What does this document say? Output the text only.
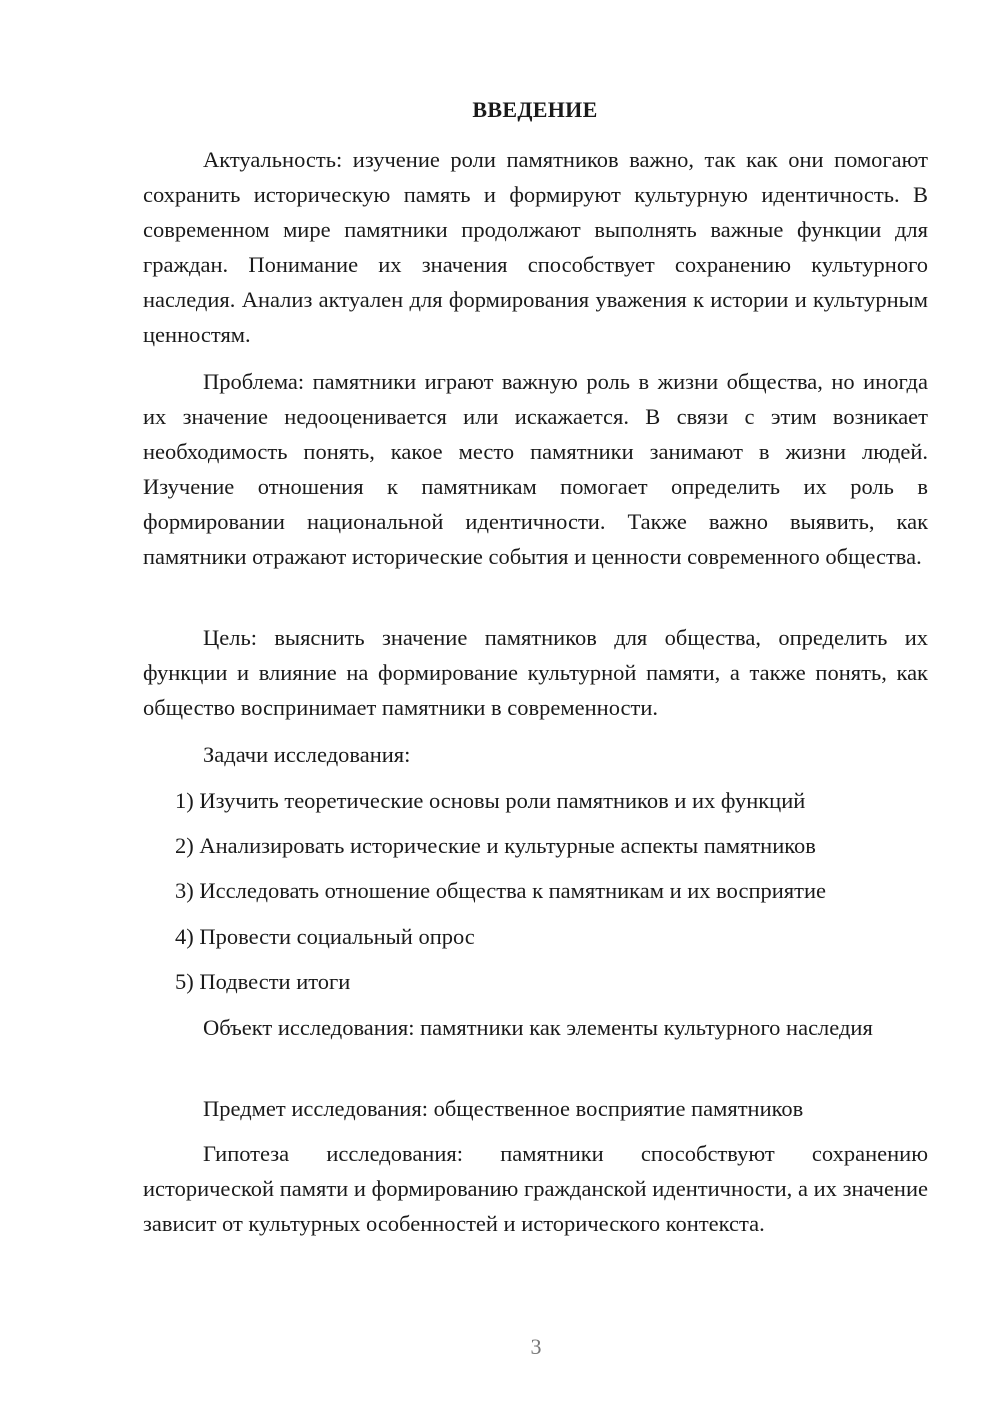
ВВЕДЕНИЕ

Актуальность: изучение роли памятников важно, так как они помогают сохранить историческую память и формируют культурную идентичность. В современном мире памятники продолжают выполнять важные функции для граждан. Понимание их значения способствует сохранению культурного наследия. Анализ актуален для формирования уважения к истории и культурным ценностям.

Проблема: памятники играют важную роль в жизни общества, но иногда их значение недооценивается или искажается. В связи с этим возникает необходимость понять, какое место памятники занимают в жизни людей. Изучение отношения к памятникам помогает определить их роль в формировании национальной идентичности. Также важно выявить, как памятники отражают исторические события и ценности современного общества.

Цель: выяснить значение памятников для общества, определить их функции и влияние на формирование культурной памяти, а также понять, как общество воспринимает памятники в современности.

Задачи исследования:

1) Изучить теоретические основы роли памятников и их функций

2) Анализировать исторические и культурные аспекты памятников

3) Исследовать отношение общества к памятникам и их восприятие

4) Провести социальный опрос

5) Подвести итоги

Объект исследования: памятники как элементы культурного наследия

Предмет исследования: общественное восприятие памятников

Гипотеза исследования: памятники способствуют сохранению исторической памяти и формированию гражданской идентичности, а их значение зависит от культурных особенностей и исторического контекста.

3
